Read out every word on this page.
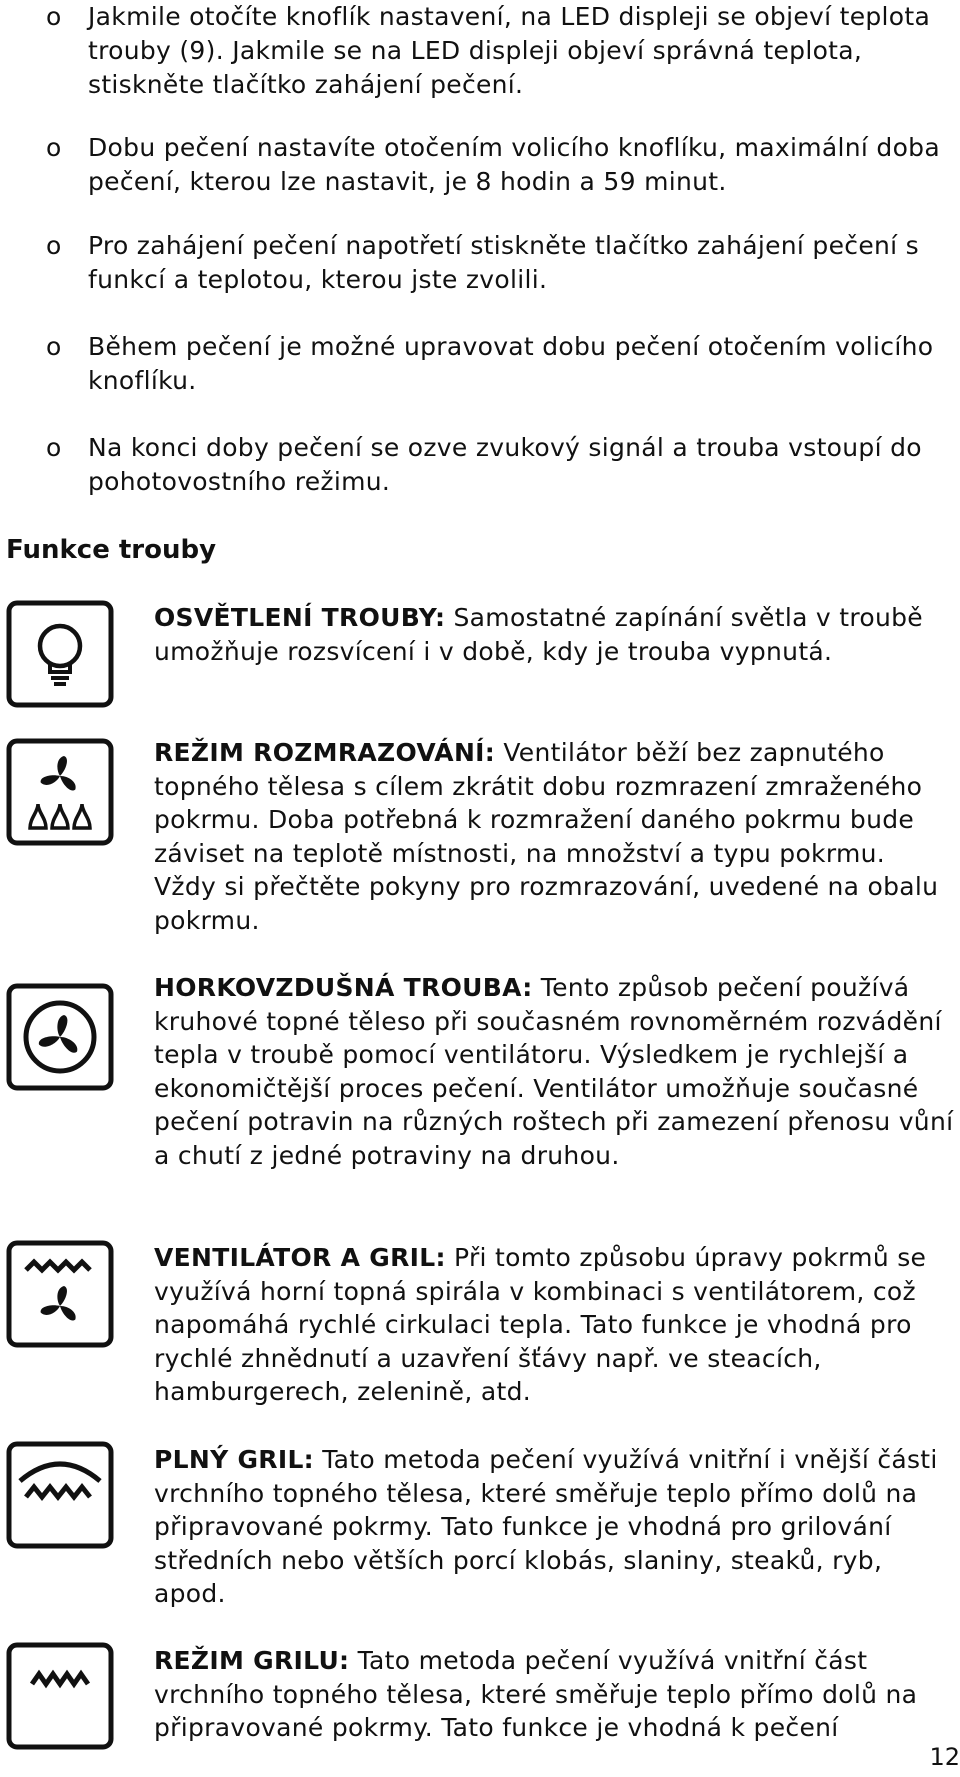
o Jakmile otočíte knoflík nastavení, na LED displeji se objeví teplota trouby (9). Jakmile se na LED displeji objeví správná teplota, stiskněte tlačítko zahájení pečení.
o Dobu pečení nastavíte otočením volicího knoflíku, maximální doba pečení, kterou lze nastavit, je 8 hodin a 59 minut.
o Pro zahájení pečení napotřetí stiskněte tlačítko zahájení pečení s funkcí a teplotou, kterou jste zvolili.
o Během pečení je možné upravovat dobu pečení otočením volicího knoflíku.
o Na konci doby pečení se ozve zvukový signál a trouba vstoupí do pohotovostního režimu.
Funkce trouby
OSVĚTLENÍ TROUBY: Samostatné zapínání světla v troubě umožňuje rozsvícení i v době, kdy je trouba vypnutá.
REŽIM ROZMRAZOVÁNÍ: Ventilátor běží bez zapnutého topného tělesa s cílem zkrátit dobu rozmrazení zmraženého pokrmu. Doba potřebná k rozmražení daného pokrmu bude záviset na teplotě místnosti, na množství a typu pokrmu. Vždy si přečtěte pokyny pro rozmrazování, uvedené na obalu pokrmu.
HORKOVZDUŠNÁ TROUBA: Tento způsob pečení používá kruhové topné těleso při současném rovnoměrném rozvádění tepla v troubě pomocí ventilátoru. Výsledkem je rychlejší a ekonomičtější proces pečení. Ventilátor umožňuje současné pečení potravin na různých roštech při zamezení přenosu vůní a chutí z jedné potraviny na druhou.
VENTILÁTOR A GRIL: Při tomto způsobu úpravy pokrmů se využívá horní topná spirála v kombinaci s ventilátorem, což napomáhá rychlé cirkulaci tepla. Tato funkce je vhodná pro rychlé zhnědnutí a uzavření šťávy např. ve steacích, hamburgerech, zelenině, atd.
PLNÝ GRIL: Tato metoda pečení využívá vnitřní i vnější části vrchního topného tělesa, které směřuje teplo přímo dolů na připravované pokrmy. Tato funkce je vhodná pro grilování středních nebo větších porcí klobás, slaniny, steaků, ryb, apod.
REŽIM GRILU: Tato metoda pečení využívá vnitřní část vrchního topného tělesa, které směřuje teplo přímo dolů na připravované pokrmy. Tato funkce je vhodná k pečení
12
